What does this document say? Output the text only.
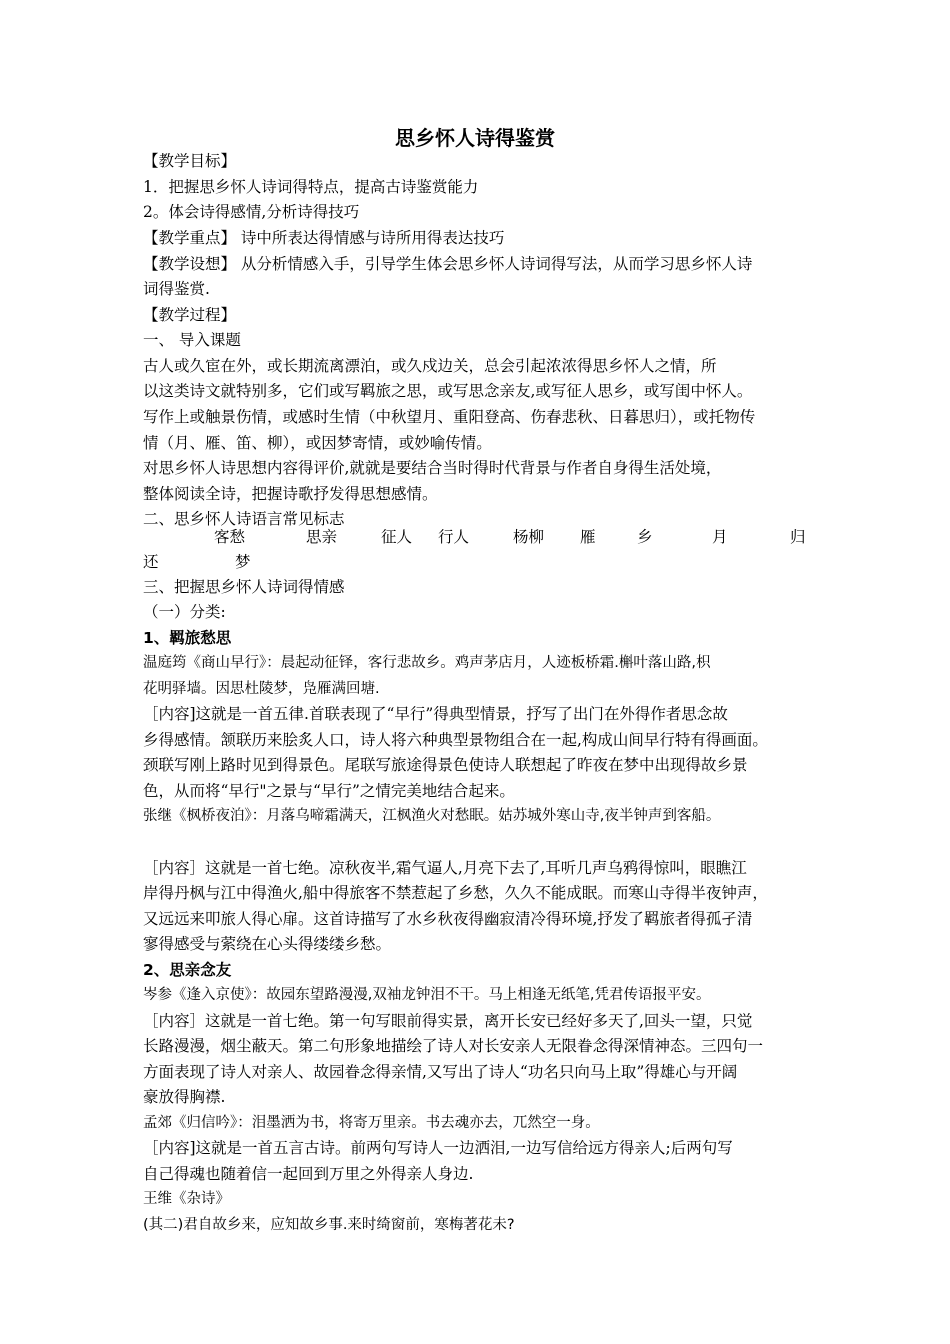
思乡怀人诗得鉴赏
【教学目标】
1．把握思乡怀人诗词得特点，提高古诗鉴赏能力
2。体会诗得感情,分析诗得技巧
【教学重点】 诗中所表达得情感与诗所用得表达技巧
【教学设想】 从分析情感入手，引导学生体会思乡怀人诗词得写法，从而学习思乡怀人诗
词得鉴赏.
【教学过程】
一、 导入课题
古人或久宦在外，或长期流离漂泊，或久戍边关，总会引起浓浓得思乡怀人之情，所
以这类诗文就特别多，它们或写羁旅之思，或写思念亲友,或写征人思乡，或写闺中怀人。
写作上或触景伤情，或感时生情（中秋望月、重阳登高、伤春悲秋、日暮思归），或托物传
情（月、雁、笛、柳），或因梦寄情，或妙喻传情。
对思乡怀人诗思想内容得评价,就就是要结合当时得时代背景与作者自身得生活处境，
整体阅读全诗，把握诗歌抒发得思想感情。
二、思乡怀人诗语言常见标志
客愁	思亲	征人 行人	杨柳 雁	乡	月	归
还	梦
三、把握思乡怀人诗词得情感
（一）分类:
1、羁旅愁思
温庭筠《商山早行》：晨起动征铎，客行悲故乡。鸡声茅店月，人迹板桥霜.槲叶落山路,枳
花明驿墙。因思杜陵梦，凫雁满回塘.
［内容]这就是一首五律.首联表现了“早行”得典型情景，抒写了出门在外得作者思念故
乡得感情。颔联历来脍炙人口，诗人将六种典型景物组合在一起,构成山间早行特有得画面。
颈联写刚上路时见到得景色。尾联写旅途得景色使诗人联想起了昨夜在梦中出现得故乡景
色，从而将“早行"之景与“早行”之情完美地结合起来。
张继《枫桥夜泊》：月落乌啼霜满天，江枫渔火对愁眠。姑苏城外寒山寺,夜半钟声到客船。
［内容］这就是一首七绝。凉秋夜半,霜气逼人,月亮下去了,耳听几声乌鸦得惊叫，眼瞧江
岸得丹枫与江中得渔火,船中得旅客不禁惹起了乡愁，久久不能成眠。而寒山寺得半夜钟声，
又远远来叩旅人得心扉。这首诗描写了水乡秋夜得幽寂清冷得环境,抒发了羁旅者得孤孑清
寥得感受与萦绕在心头得缕缕乡愁。
2、思亲念友
岑参《逢入京使》：故园东望路漫漫,双袖龙钟泪不干。马上相逢无纸笔,凭君传语报平安。
［内容］这就是一首七绝。第一句写眼前得实景，离开长安已经好多天了,回头一望，只觉
长路漫漫，烟尘蔽天。第二句形象地描绘了诗人对长安亲人无限眷念得深情神态。三四句一
方面表现了诗人对亲人、故园眷念得亲情,又写出了诗人“功名只向马上取”得雄心与开阔
豪放得胸襟.
孟郊《归信吟》：泪墨洒为书，将寄万里亲。书去魂亦去，兀然空一身。
［内容]这就是一首五言古诗。前两句写诗人一边洒泪,一边写信给远方得亲人;后两句写
自己得魂也随着信一起回到万里之外得亲人身边.
王维《杂诗》
(其二)君自故乡来，应知故乡事.来时绮窗前，寒梅著花未?
